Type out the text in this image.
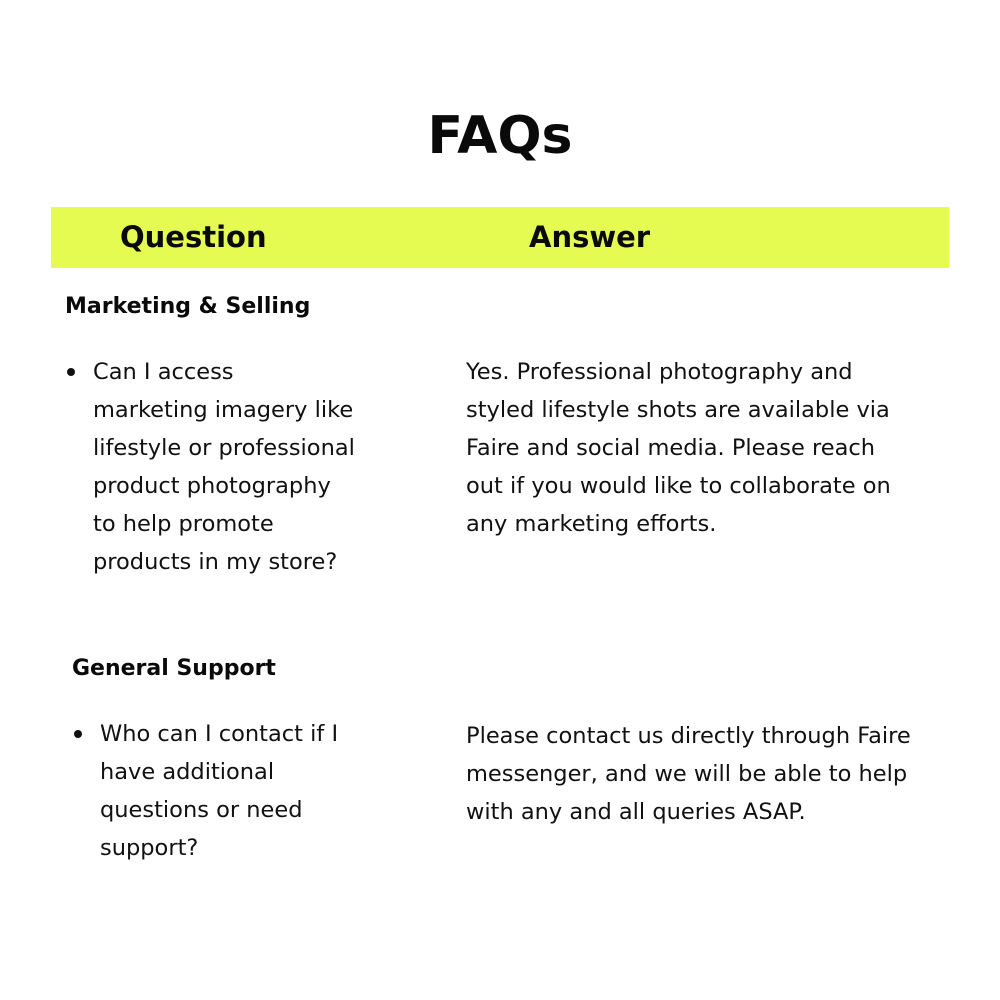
FAQs
Question	Answer
Marketing & Selling
Can I access
marketing imagery like
lifestyle or professional
product photography
to help promote
products in my store?
Yes. Professional photography and
styled lifestyle shots are available via
Faire and social media. Please reach
out if you would like to collaborate on
any marketing efforts.
General Support
Who can I contact if I
have additional
questions or need
support?
Please contact us directly through Faire
messenger, and we will be able to help
with any and all queries ASAP.
